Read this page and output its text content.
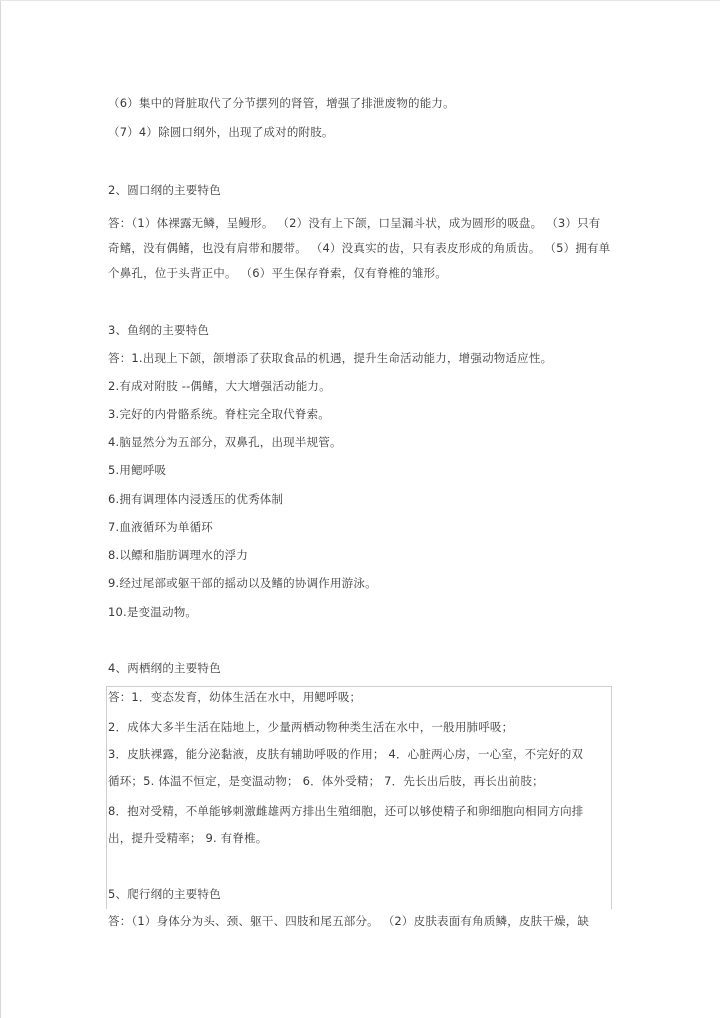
（6）集中的肾脏取代了分节摆列的肾管，增强了排泄废物的能力。
（7）4）除圆口纲外，出现了成对的附肢。
2、圆口纲的主要特色
答：（1）体裸露无鳞，呈鳗形。 （2）没有上下颌，口呈漏斗状，成为圆形的吸盘。 （3）只有
奇鳍，没有偶鳍，也没有肩带和腰带。 （4）没真实的齿，只有表皮形成的角质齿。 （5）拥有单
个鼻孔，位于头背正中。 （6）平生保存脊索，仅有脊椎的雏形。
3、鱼纲的主要特色
答：1.出现上下颌，颌增添了获取食品的机遇，提升生命活动能力，增强动物适应性。
2.有成对附肢 --偶鳍，大大增强活动能力。
3.完好的内骨骼系统。脊柱完全取代脊索。
4.脑显然分为五部分，双鼻孔，出现半规管。
5.用鳃呼吸
6.拥有调理体内浸透压的优秀体制
7.血液循环为单循环
8.以鳔和脂肪调理水的浮力
9.经过尾部或躯干部的摇动以及鳍的协调作用游泳。
10.是变温动物。
4、两栖纲的主要特色
答：1．变态发育，幼体生活在水中，用鳃呼吸；
2．成体大多半生活在陆地上，少量两栖动物种类生活在水中，一般用肺呼吸；
3．皮肤裸露，能分泌黏液，皮肤有辅助呼吸的作用； 4．心脏两心房，一心室，不完好的双
循环；5. 体温不恒定，是变温动物； 6．体外受精； 7．先长出后肢，再长出前肢；
8．抱对受精，不单能够刺激雌雄两方排出生殖细胞，还可以够使精子和卵细胞向相同方向排
出，提升受精率； 9. 有脊椎。
5、爬行纲的主要特色
答：（1）身体分为头、颈、躯干、四肢和尾五部分。 （2）皮肤表面有角质鳞，皮肤干燥，缺
